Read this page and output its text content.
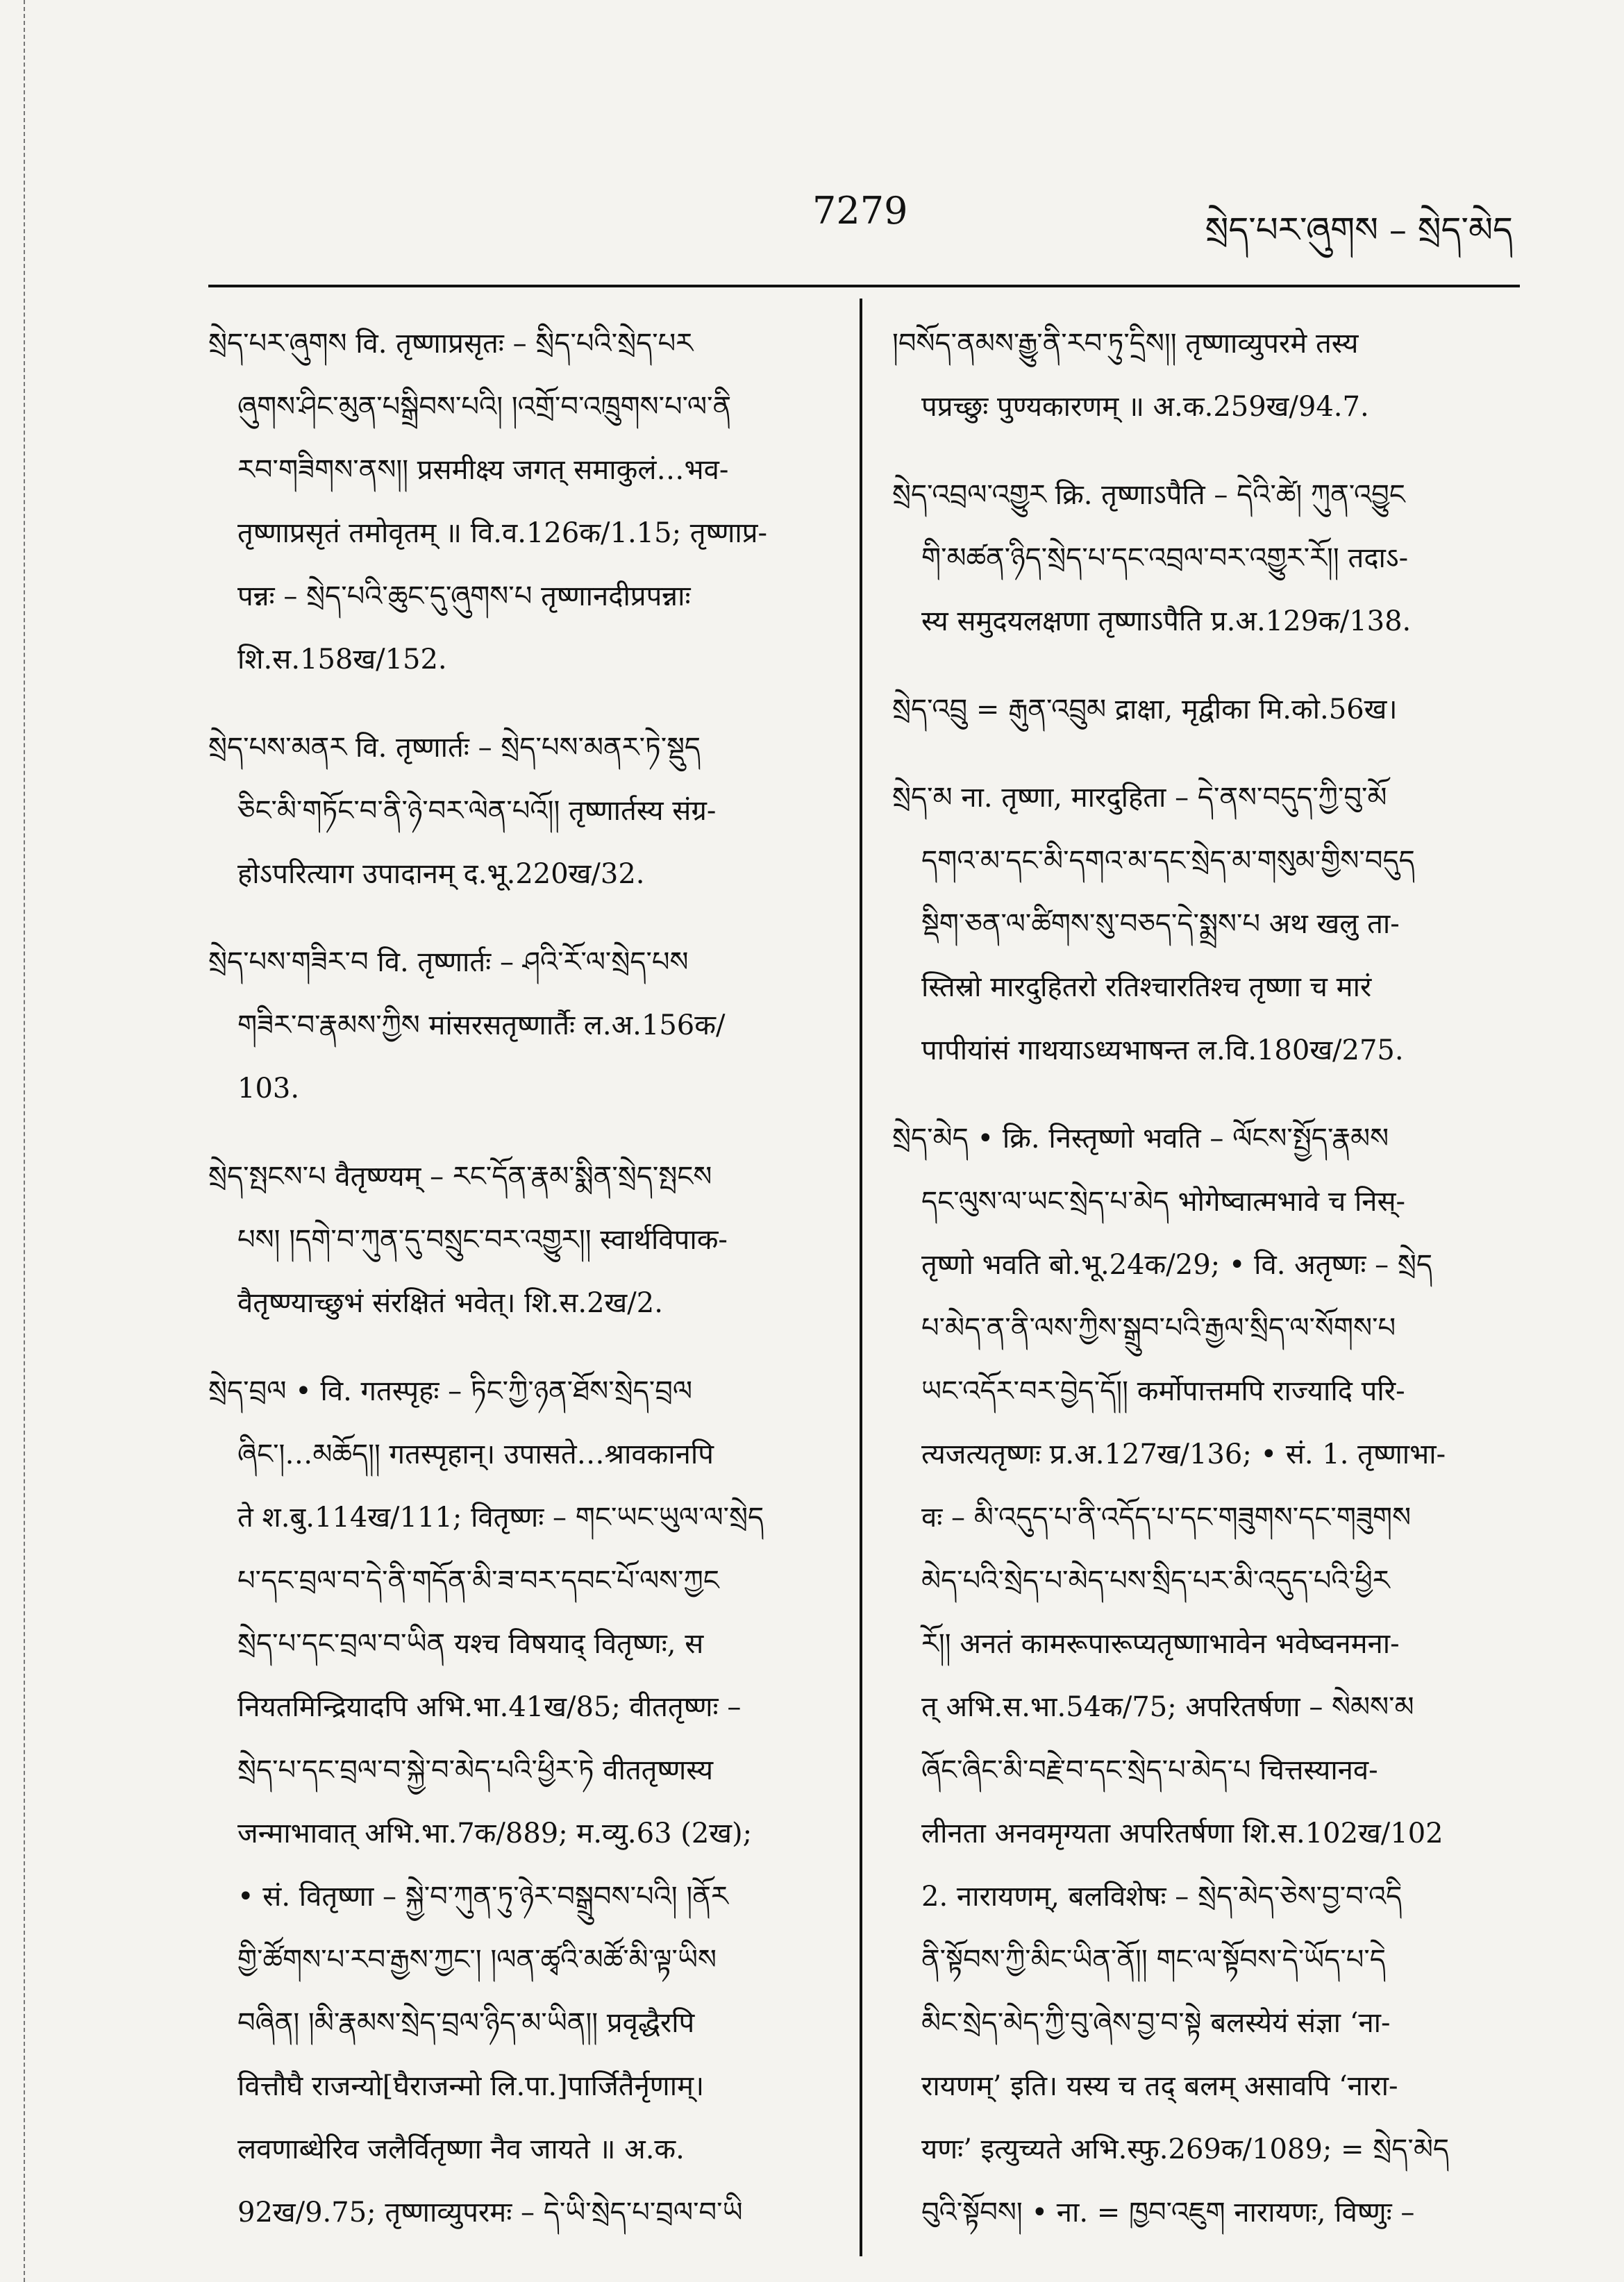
7279	སྲེད་པར་ཞུགས – སྲེད་མེད
སྲེད་པར་ཞུགས वि. तृष्णाप्रसृतः – སྲིད་པའི་སྲེད་པར
ཞུགས་ཤིང་མུན་པསྒྲིབས་པའི། །འགྲོ་བ་འཁྲུགས་པ་ལ་ནི
རབ་གཟིགས་ནས།། प्रसमीक्ष्य जगत् समाकुलं…भव-
तृष्णाप्रसृतं तमोवृतम् ॥ वि.व.126क/1.15; तृष्णाप्र-
पन्नः – སྲེད་པའི་ཆུང་དུ་ཞུགས་པ तृष्णानदीप्रपन्नाः
शि.स.158ख/152.
སྲེད་པས་མནར वि. तृष्णार्तः – སྲེད་པས་མནར་ཏེ་སྡུད
ཅིང་མི་གཏོང་བ་ནི་ཉེ་བར་ལེན་པའོ།། तृष्णार्तस्य संग्र-
होऽपरित्याग उपादानम् द.भू.220ख/32.
སྲེད་པས་གཟིར་བ वि. तृष्णार्तः – ཤའི་རོ་ལ་སྲེད་པས
གཟིར་བ་རྣམས་ཀྱིས मांसरसतृष्णार्तैः ल.अ.156क/
103.
སྲེད་སྤངས་པ वैतृष्ण्यम् – རང་དོན་རྣམ་སྨིན་སྲེད་སྤངས
པས། །དགེ་བ་ཀུན་དུ་བསྲུང་བར་འགྱུར།། स्वार्थविपाक-
वैतृष्ण्याच्छुभं संरक्षितं भवेत्। शि.स.2ख/2.
སྲེད་བྲལ • वि. गतस्पृहः – ཏིང་ཀྱི་ཉན་ཐོས་སྲེད་བྲལ
ཞིང་།…མཆོད།། गतस्पृहान्। उपासते…श्रावकानपि
ते श.बु.114ख/111; वितृष्णः – གང་ཡང་ཡུལ་ལ་སྲེད
པ་དང་བྲལ་བ་དེ་ནི་གདོན་མི་ཟ་བར་དབང་པོ་ལས་ཀྱང
སྲེད་པ་དང་བྲལ་བ་ཡིན यश्च विषयाद् वितृष्णः, स
नियतमिन्द्रियादपि अभि.भा.41ख/85; वीततृष्णः –
སྲེད་པ་དང་བྲལ་བ་སྐྱེ་བ་མེད་པའི་ཕྱིར་ཏེ वीततृष्णस्य
जन्माभावात् अभि.भा.7क/889; म.व्यु.63 (2ख);
• सं. वितृष्णा – སྐྱེ་བ་ཀུན་ཏུ་ཉེར་བསྒྲུབས་པའི། །ནོར
གྱི་ཚོགས་པ་རབ་རྒྱས་ཀྱང་། །ལན་ཚྭའི་མཚོ་མི་ལྟ་ཡིས
བཞིན། །མི་རྣམས་སྲེད་བྲལ་ཉིད་མ་ཡིན།། प्रवृद्धैरपि
वित्तौघै राजन्यो[घैराजन्मो लि.पा.]पार्जितैर्नृणाम्।
लवणाब्धेरिव जलैर्वितृष्णा नैव जायते ॥ अ.क.
92ख/9.75; तृष्णाव्युपरमः – དེ་ཡི་སྲེད་པ་བྲལ་བ་ཡི
།བསོད་ནམས་རྒྱུ་ནི་རབ་ཏུ་དྲིས།། तृष्णाव्युपरमे तस्य
पप्रच्छुः पुण्यकारणम् ॥ अ.क.259ख/94.7.
སྲེད་འབྲལ་འགྱུར क्रि. तृष्णाऽपैति – དེའི་ཚེ། ཀུན་འབྱུང
གི་མཚན་ཉིད་སྲེད་པ་དང་འབྲལ་བར་འགྱུར་རོ།། तदाऽ-
स्य समुदयलक्षणा तृष्णाऽपैति प्र.अ.129क/138.
སྲེད་འབྲུ = རྒུན་འབྲུམ द्राक्षा, मृद्वीका मि.को.56ख।
སྲེད་མ ना. तृष्णा, मारदुहिता – དེ་ནས་བདུད་ཀྱི་བུ་མོ
དགའ་མ་དང་མི་དགའ་མ་དང་སྲེད་མ་གསུམ་གྱིས་བདུད
སྡིག་ཅན་ལ་ཚིགས་སུ་བཅད་དེ་སྨྲས་པ अथ खलु ता-
स्तिस्रो मारदुहितरो रतिश्चारतिश्च तृष्णा च मारं
पापीयांसं गाथयाऽध्यभाषन्त ल.वि.180ख/275.
སྲེད་མེད • क्रि. निस्तृष्णो भवति – ལོངས་སྤྱོད་རྣམས
དང་ལུས་ལ་ཡང་སྲེད་པ་མེད भोगेष्वात्मभावे च निस्-
तृष्णो भवति बो.भू.24क/29; • वि. अतृष्णः – སྲེད
པ་མེད་ན་ནི་ལས་ཀྱིས་སྒྲུབ་པའི་རྒྱལ་སྲིད་ལ་སོགས་པ
ཡང་འདོར་བར་བྱེད་དོ།། कर्मोपात्तमपि राज्यादि परि-
त्यजत्यतृष्णः प्र.अ.127ख/136; • सं. 1. तृष्णाभा-
वः – མི་འདུད་པ་ནི་འདོད་པ་དང་གཟུགས་དང་གཟུགས
མེད་པའི་སྲེད་པ་མེད་པས་སྲིད་པར་མི་འདུད་པའི་ཕྱིར
རོ།། अनतं कामरूपारूप्यतृष्णाभावेन भवेष्वनमना-
त् अभि.स.भा.54क/75; अपरितर्षणा – སེམས་མ
ཞོང་ཞིང་མི་བརྗེ་བ་དང་སྲེད་པ་མེད་པ चित्तस्यानव-
लीनता अनवमृग्यता अपरितर्षणा शि.स.102ख/102
2. नारायणम्, बलविशेषः – སྲེད་མེད་ཅེས་བྱ་བ་འདི
ནི་སྟོབས་ཀྱི་མིང་ཡིན་ནོ།། གང་ལ་སྟོབས་དེ་ཡོད་པ་དེ
མིང་སྲེད་མེད་ཀྱི་བུ་ཞེས་བྱ་བ་སྟེ बलस्येयं संज्ञा ‘ना-
रायणम्’ इति। यस्य च तद् बलम् असावपि ‘नारा-
यणः’ इत्युच्यते अभि.स्फु.269क/1089; = སྲེད་མེད
བུའི་སྟོབས། • ना. = ཁྱབ་འཇུག नारायणः, विष्णुः –
